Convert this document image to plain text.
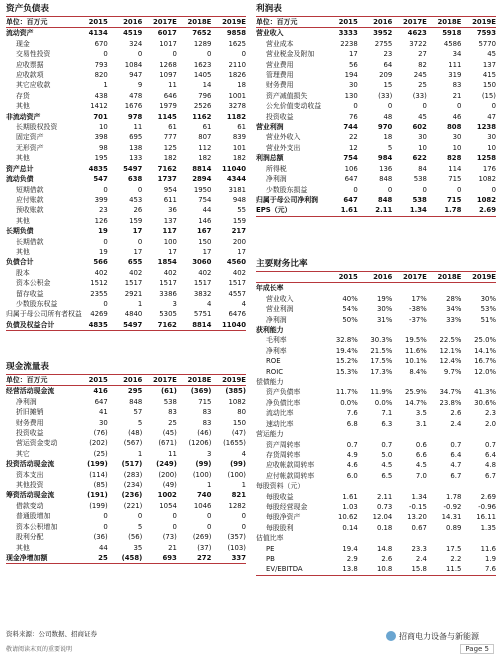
资产负债表
单位：百万元	2015	2016	2017E	2018E	2019E
流动资产	4134	4519	6017	7652	9858
现金	670	324	1017	1289	1625
交易性投资	0	0	0	0	0
应收票据	793	1084	1268	1623	2110
应收款项	820	947	1097	1405	1826
其它应收款	1	9	11	14	18
存货	438	478	646	796	1001
其他	1412	1676	1979	2526	3278
非流动资产	701	978	1145	1162	1182
长期股权投资	10	11	61	61	61
固定资产	398	695	777	807	839
无形资产	98	138	125	112	101
其他	195	133	182	182	182
资产总计	4835	5497	7162	8814	11040
流动负债	547	638	1737	2894	4344
短期借款	0	0	954	1950	3181
应付账款	399	453	611	754	948
预收账款	23	26	36	44	55
其他	126	159	137	146	159
长期负债	19	17	117	167	217
长期借款	0	0	100	150	200
其他	19	17	17	17	17
负债合计	566	655	1854	3060	4560
股本	402	402	402	402	402
资本公积金	1512	1517	1517	1517	1517
留存收益	2355	2921	3386	3832	4557
少数股东权益	0	1	3	4	4
归属于母公司所有者权益	4269	4840	5305	5751	6476
负债及权益合计	4835	5497	7162	8814	11040
现金流量表
单位：百万元	2015	2016	2017E	2018E	2019E
经营活动现金流	416	295	(61)	(369)	(385)
净利润	647	848	538	715	1082
折旧摊销	41	57	83	83	80
财务费用	30	5	25	83	150
投资收益	(76)	(48)	(45)	(46)	(47)
营运资金变动	(202)	(567)	(671)	(1206)	(1655)
其它	(25)	1	11	3	4
投资活动现金流	(199)	(517)	(249)	(99)	(99)
资本支出	(114)	(283)	(200)	(100)	(100)
其他投资	(85)	(234)	(49)	1	1
筹资活动现金流	(191)	(236)	1002	740	821
借款变动	(199)	(221)	1054	1046	1282
普通股增加	0	0	0	0	0
资本公积增加	0	5	0	0	0
股利分配	(36)	(56)	(73)	(269)	(357)
其他	44	35	21	(37)	(103)
现金净增加额	25	(458)	693	272	337
利润表
单位：百万元	2015	2016	2017E	2018E	2019E
营业收入	3333	3952	4623	5918	7593
营业成本	2238	2755	3722	4586	5770
营业税金及附加	17	23	27	34	45
营业费用	56	64	82	111	137
管理费用	194	209	245	319	415
财务费用	30	15	25	83	150
资产减值损失	130	(33)	(33)	21	(15)
公允价值变动收益	0	0	0	0	0
投资收益	76	48	45	46	47
营业利润	744	970	602	808	1238
营业外收入	22	18	30	30	30
营业外支出	12	5	10	10	10
利润总额	754	984	622	828	1258
所得税	106	136	84	114	176
净利润	647	848	538	715	1082
少数股东损益	0	0	0	0	0
归属于母公司净利润	647	848	538	715	1082
EPS（元）	1.61	2.11	1.34	1.78	2.69
主要财务比率
	2015	2016	2017E	2018E	2019E
年成长率					
营业收入	40%	19%	17%	28%	30%
营业利润	54%	30%	-38%	34%	53%
净利润	50%	31%	-37%	33%	51%
获利能力					
毛利率	32.8%	30.3%	19.5%	22.5%	25.0%
净利率	19.4%	21.5%	11.6%	12.1%	14.1%
ROE	15.2%	17.5%	10.1%	12.4%	16.7%
ROIC	15.3%	17.3%	8.4%	9.7%	12.0%
偿债能力					
资产负债率	11.7%	11.9%	25.9%	34.7%	41.3%
净负债比率	0.0%	0.0%	14.7%	23.8%	30.6%
流动比率	7.6	7.1	3.5	2.6	2.3
速动比率	6.8	6.3	3.1	2.4	2.0
营运能力					
资产周转率	0.7	0.7	0.6	0.7	0.7
存货周转率	4.9	5.0	6.6	6.4	6.4
应收帐款周转率	4.6	4.5	4.5	4.7	4.8
应付帐款周转率	6.0	6.5	7.0	6.7	6.7
每股资料（元）					
每股收益	1.61	2.11	1.34	1.78	2.69
每股经营现金	1.03	0.73	-0.15	-0.92	-0.96
每股净资产	10.62	12.04	13.20	14.31	16.11
每股股利	0.14	0.18	0.67	0.89	1.35
估值比率					
PE	19.4	14.8	23.3	17.5	11.6
PB	2.9	2.6	2.4	2.2	1.9
EV/EBITDA	13.8	10.8	15.8	11.5	7.6
资料来源：公司数据、招商证券
敬请阅读末页的重要说明
招商电力设备与新能源
Page 5
